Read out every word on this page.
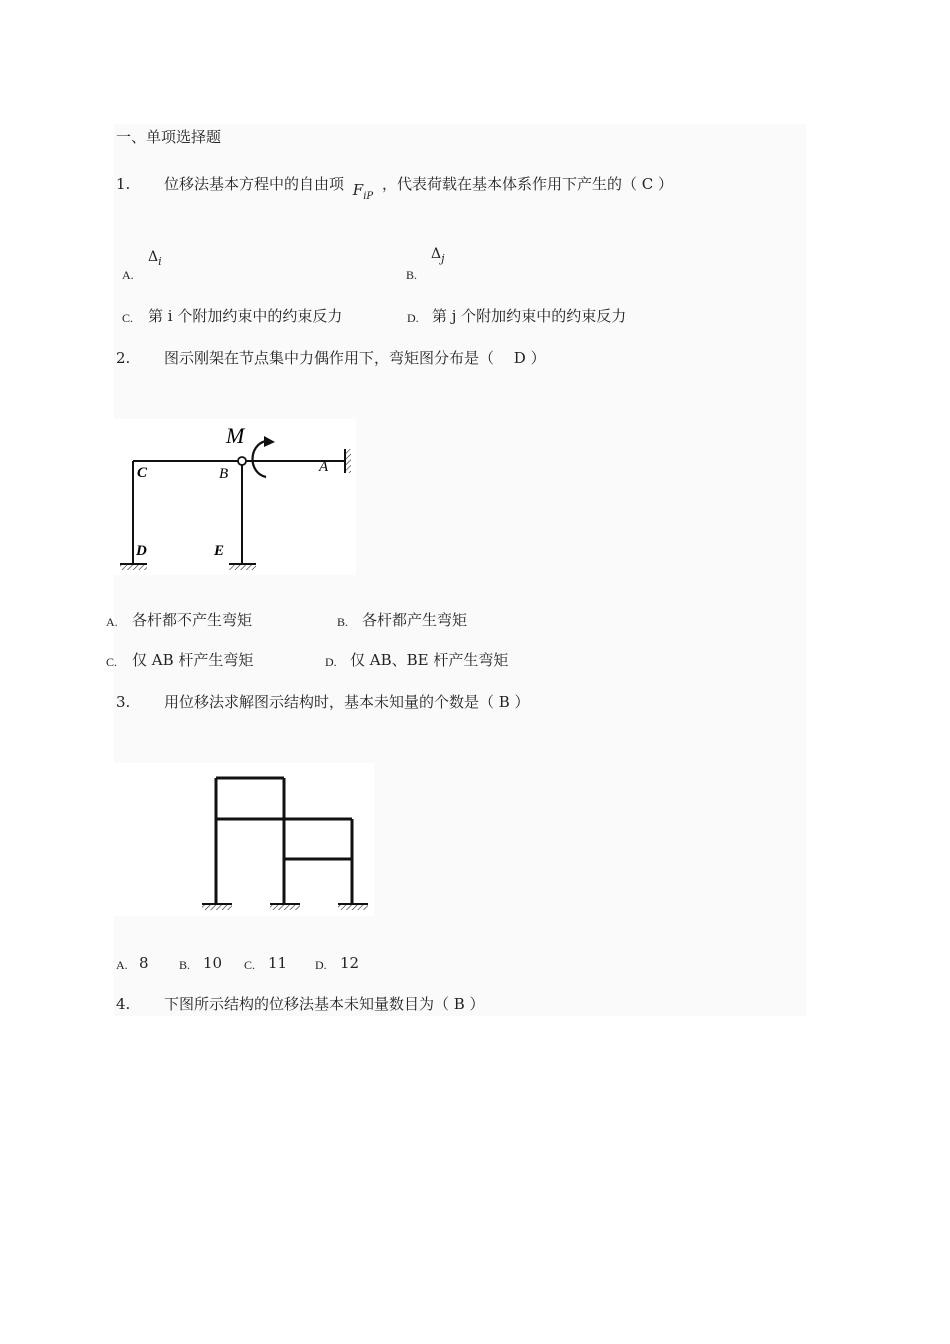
一、单项选择题
1. 位移法基本方程中的自由项 $F_{iP}$ ，代表荷载在基本体系作用下产生的（ C ）
A.
$\Delta_i$
B.
$\Delta_j$
C. 第 i 个附加约束中的约束反力	D. 第 j 个附加约束中的约束反力
2. 图示刚架在节点集中力偶作用下，弯矩图分布是（　 D ）
M
C	B	A
D	E
A. 各杆都不产生弯矩	B. 各杆都产生弯矩
C. 仅 AB 杆产生弯矩	D. 仅 AB、BE 杆产生弯矩
3. 用位移法求解图示结构时，基本未知量的个数是（ B ）
A. 8	B. 10 C. 11 D. 12
4. 下图所示结构的位移法基本未知量数目为（ B ）
